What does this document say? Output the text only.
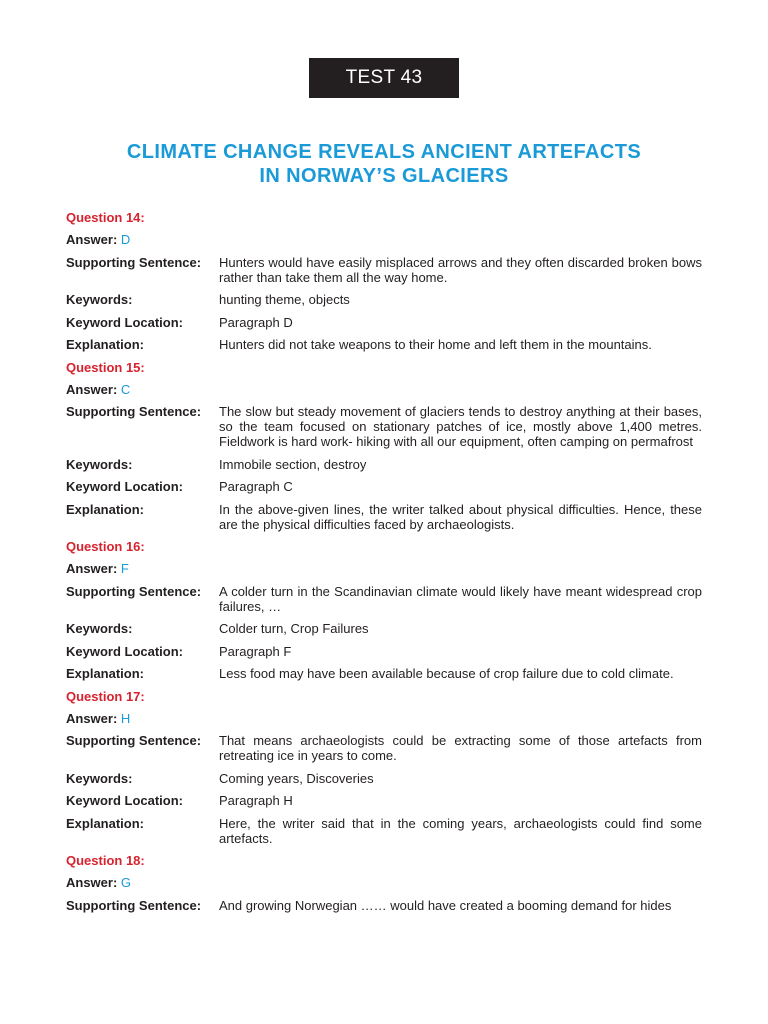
TEST 43
CLIMATE CHANGE REVEALS ANCIENT ARTEFACTS
IN NORWAY’S GLACIERS
Question 14:
Answer: D
Supporting Sentence:	Hunters would have easily misplaced arrows and they often discarded broken bows rather than take them all the way home.
Keywords:	hunting theme, objects
Keyword Location:	Paragraph D
Explanation:	Hunters did not take weapons to their home and left them in the mountains.
Question 15:
Answer: C
Supporting Sentence:	The slow but steady movement of glaciers tends to destroy anything at their bases, so the team focused on stationary patches of ice, mostly above 1,400 metres. Fieldwork is hard work- hiking with all our equipment, often camping on permafrost
Keywords:	Immobile section, destroy
Keyword Location:	Paragraph C
Explanation:	In the above-given lines, the writer talked about physical difficulties. Hence, these are the physical difficulties faced by archaeologists.
Question 16:
Answer: F
Supporting Sentence:	A colder turn in the Scandinavian climate would likely have meant widespread crop failures, …
Keywords:	Colder turn, Crop Failures
Keyword Location:	Paragraph F
Explanation:	Less food may have been available because of crop failure due to cold climate.
Question 17:
Answer: H
Supporting Sentence:	That means archaeologists could be extracting some of those artefacts from retreating ice in years to come.
Keywords:	Coming years, Discoveries
Keyword Location:	Paragraph H
Explanation:	Here, the writer said that in the coming years, archaeologists could find some artefacts.
Question 18:
Answer: G
Supporting Sentence:	And growing Norwegian …… would have created a booming demand for hides
